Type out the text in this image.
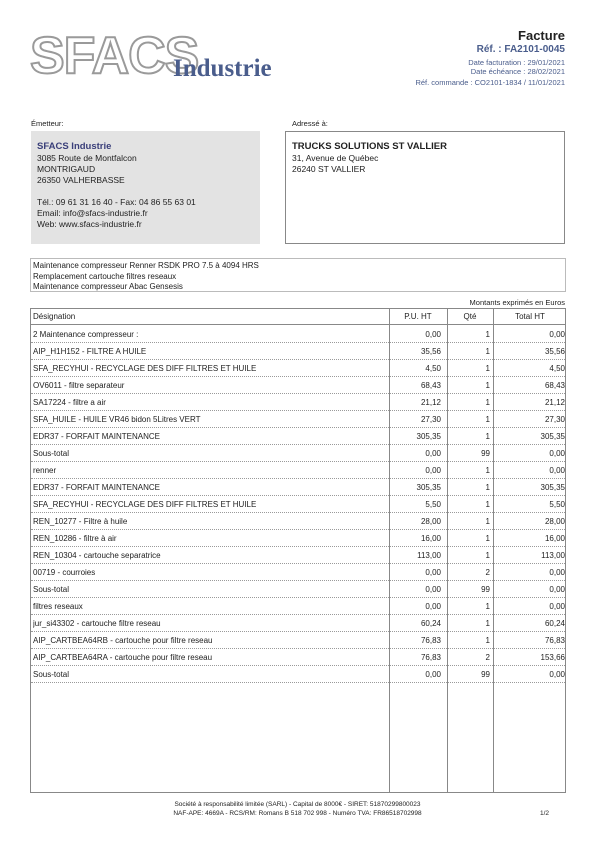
SFACS
Industrie
Facture
Réf. : FA2101-0045
Date facturation : 29/01/2021
Date échéance : 28/02/2021
Réf. commande : CO2101-1834 / 11/01/2021
Émetteur:	Adressé à:
SFACS Industrie
3085 Route de Montfalcon
MONTRIGAUD
26350 VALHERBASSE
Tél.: 09 61 31 16 40 - Fax: 04 86 55 63 01
Email: info@sfacs-industrie.fr
Web: www.sfacs-industrie.fr
TRUCKS SOLUTIONS ST VALLIER
31, Avenue de Québec
26240 ST VALLIER
Maintenance compresseur Renner RSDK PRO 7.5 à 4094 HRS
Remplacement cartouche filtres reseaux
Maintenance compresseur Abac Gensesis
Montants exprimés en Euros
Désignation	P.U. HT	Qté	Total HT
2 Maintenance compresseur :	0,00	1	0,00
AIP_H1H152 - FILTRE A HUILE	35,56	1	35,56
SFA_RECYHUI - RECYCLAGE DES DIFF FILTRES ET HUILE	4,50	1	4,50
OV6011 - filtre separateur	68,43	1	68,43
SA17224 - filtre a air	21,12	1	21,12
SFA_HUILE - HUILE VR46 bidon 5Litres VERT	27,30	1	27,30
EDR37 - FORFAIT MAINTENANCE	305,35	1	305,35
Sous-total	0,00	99	0,00
renner	0,00	1	0,00
EDR37 - FORFAIT MAINTENANCE	305,35	1	305,35
SFA_RECYHUI - RECYCLAGE DES DIFF FILTRES ET HUILE	5,50	1	5,50
REN_10277 - Filtre à huile	28,00	1	28,00
REN_10286 - filtre à air	16,00	1	16,00
REN_10304 - cartouche separatrice	113,00	1	113,00
00719 - courroies	0,00	2	0,00
Sous-total	0,00	99	0,00
filtres reseaux	0,00	1	0,00
jur_si43302 - cartouche filtre reseau	60,24	1	60,24
AIP_CARTBEA64RB - cartouche pour filtre reseau	76,83	1	76,83
AIP_CARTBEA64RA - cartouche pour filtre reseau	76,83	2	153,66
Sous-total	0,00	99	0,00
Société à responsabilité limitée (SARL) - Capital de 8000€ - SIRET: 51870299800023
NAF-APE: 4669A - RCS/RM: Romans B 518 702 998 - Numéro TVA: FR86518702998	1/2
